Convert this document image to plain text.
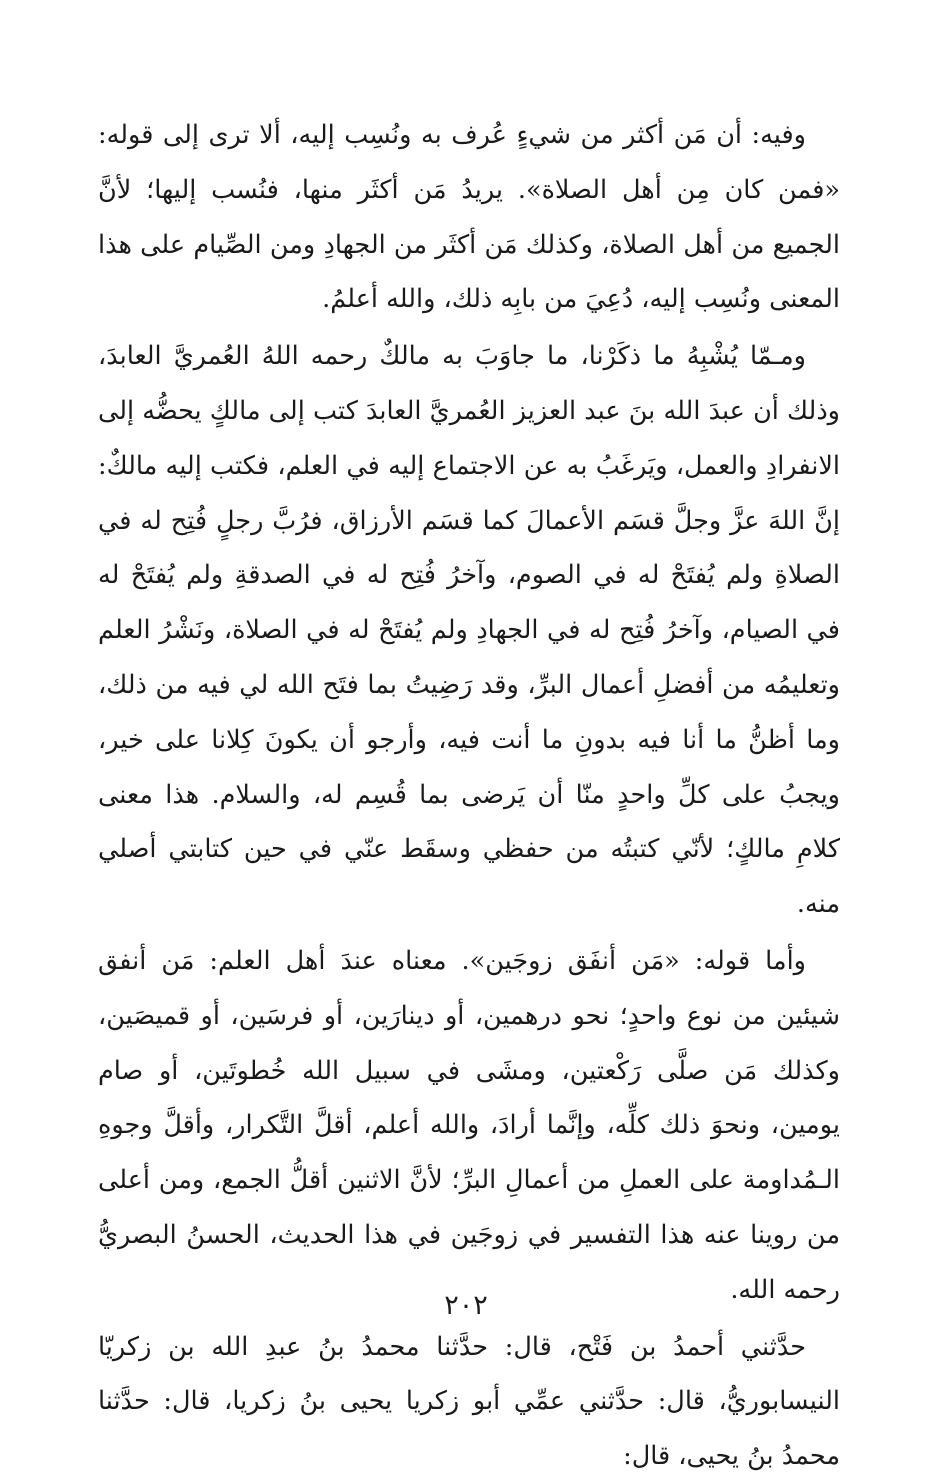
وفيه: أن مَن أكثر من شيءٍ عُرف به ونُسِب إليه، ألا ترى إلى قوله: «فمن كان مِن أهل الصلاة». يريدُ مَن أكثَر منها، فنُسب إليها؛ لأنَّ الجميع من أهل الصلاة، وكذلك مَن أكثَر من الجهادِ ومن الصِّيام على هذا المعنى ونُسِب إليه، دُعِيَ من بابِه ذلك، والله أعلمُ.

ومـمّا يُشْبِهُ ما ذكَرْنا، ما جاوَبَ به مالكٌ رحمه اللهُ العُمريَّ العابدَ، وذلك أن عبدَ الله بنَ عبد العزيز العُمريَّ العابدَ كتب إلى مالكٍ يحضُّه إلى الانفرادِ والعمل، ويَرغَبُ به عن الاجتماع إليه في العلم، فكتب إليه مالكٌ: إنَّ اللهَ عزَّ وجلَّ قسَم الأعمالَ كما قسَم الأرزاق، فرُبَّ رجلٍ فُتِح له في الصلاةِ ولم يُفتَحْ له في الصوم، وآخرُ فُتِح له في الصدقةِ ولم يُفتَحْ له في الصيام، وآخرُ فُتِح له في الجهادِ ولم يُفتَحْ له في الصلاة، ونَشْرُ العلم وتعليمُه من أفضلِ أعمال البرِّ، وقد رَضِيتُ بما فتَح الله لي فيه من ذلك، وما أظنُّ ما أنا فيه بدونِ ما أنت فيه، وأرجو أن يكونَ كِلانا على خير، ويجبُ على كلِّ واحدٍ منّا أن يَرضى بما قُسِم له، والسلام. هذا معنى كلامِ مالكٍ؛ لأنّي كتبتُه من حفظي وسقَط عنّي في حين كتابتي أصلي منه.

وأما قوله: «مَن أنفَق زوجَين». معناه عندَ أهل العلم: مَن أنفق شيئين من نوع واحدٍ؛ نحو درهمين، أو دينارَين، أو فرسَين، أو قميصَين، وكذلك مَن صلَّى رَكْعتين، ومشَى في سبيل الله خُطوتَين، أو صام يومين، ونحوَ ذلك كلِّه، وإنَّما أرادَ، والله أعلم، أقلَّ التَّكرار، وأقلَّ وجوهِ الـمُداومة على العملِ من أعمالِ البرِّ؛ لأنَّ الاثنين أقلُّ الجمع، ومن أعلى من روينا عنه هذا التفسير في زوجَين في هذا الحديث، الحسنُ البصريُّ رحمه الله.

حدَّثني أحمدُ بن فَتْح، قال: حدَّثنا محمدُ بنُ عبدِ الله بن زكريّا النيسابوريُّ، قال: حدَّثني عمِّي أبو زكريا يحيى بنُ زكريا، قال: حدَّثنا محمدُ بنُ يحيى، قال:

٢٠٢
